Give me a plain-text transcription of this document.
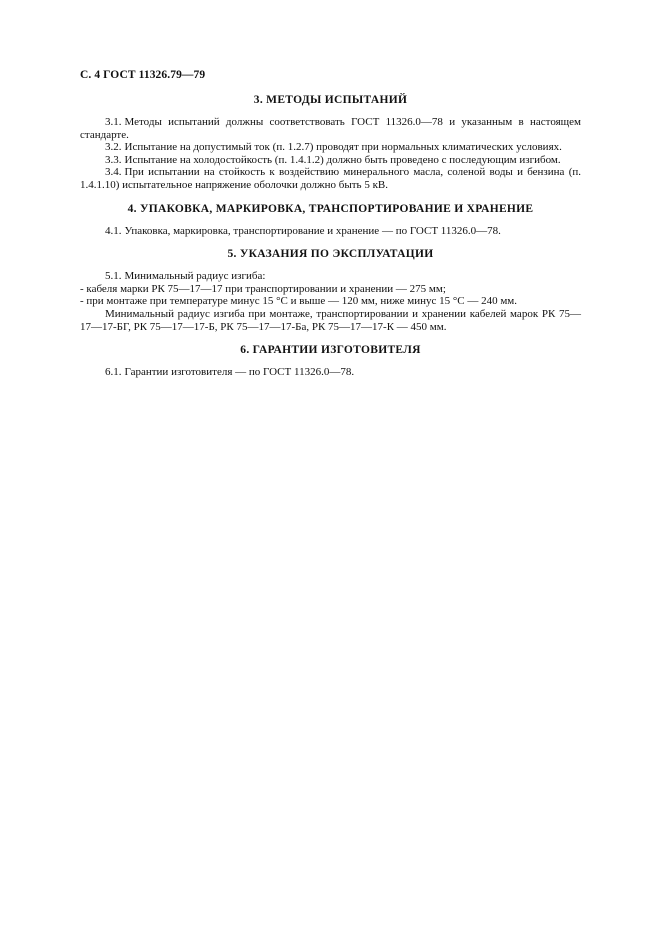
С. 4 ГОСТ 11326.79—79
3. МЕТОДЫ ИСПЫТАНИЙ

3.1. Методы испытаний должны соответствовать ГОСТ 11326.0—78 и указанным в настоящем стандарте.

3.2. Испытание на допустимый ток (п. 1.2.7) проводят при нормальных климатических условиях.

3.3. Испытание на холодостойкость (п. 1.4.1.2) должно быть проведено с последующим изгибом.

3.4. При испытании на стойкость к воздействию минерального масла, соленой воды и бензина (п. 1.4.1.10) испытательное напряжение оболочки должно быть 5 кВ.

4. УПАКОВКА, МАРКИРОВКА, ТРАНСПОРТИРОВАНИЕ И ХРАНЕНИЕ

4.1. Упаковка, маркировка, транспортирование и хранение — по ГОСТ 11326.0—78.

5. УКАЗАНИЯ ПО ЭКСПЛУАТАЦИИ

5.1. Минимальный радиус изгиба:

- кабеля марки РК 75—17—17 при транспортировании и хранении — 275 мм;

- при монтаже при температуре минус 15 °С и выше — 120 мм, ниже минус 15 °С — 240 мм.

Минимальный радиус изгиба при монтаже, транспортировании и хранении кабелей марок РК 75—17—17-БГ, РК 75—17—17-Б, РК 75—17—17-Ба, РК 75—17—17-К — 450 мм.

6. ГАРАНТИИ ИЗГОТОВИТЕЛЯ

6.1. Гарантии изготовителя — по ГОСТ 11326.0—78.
